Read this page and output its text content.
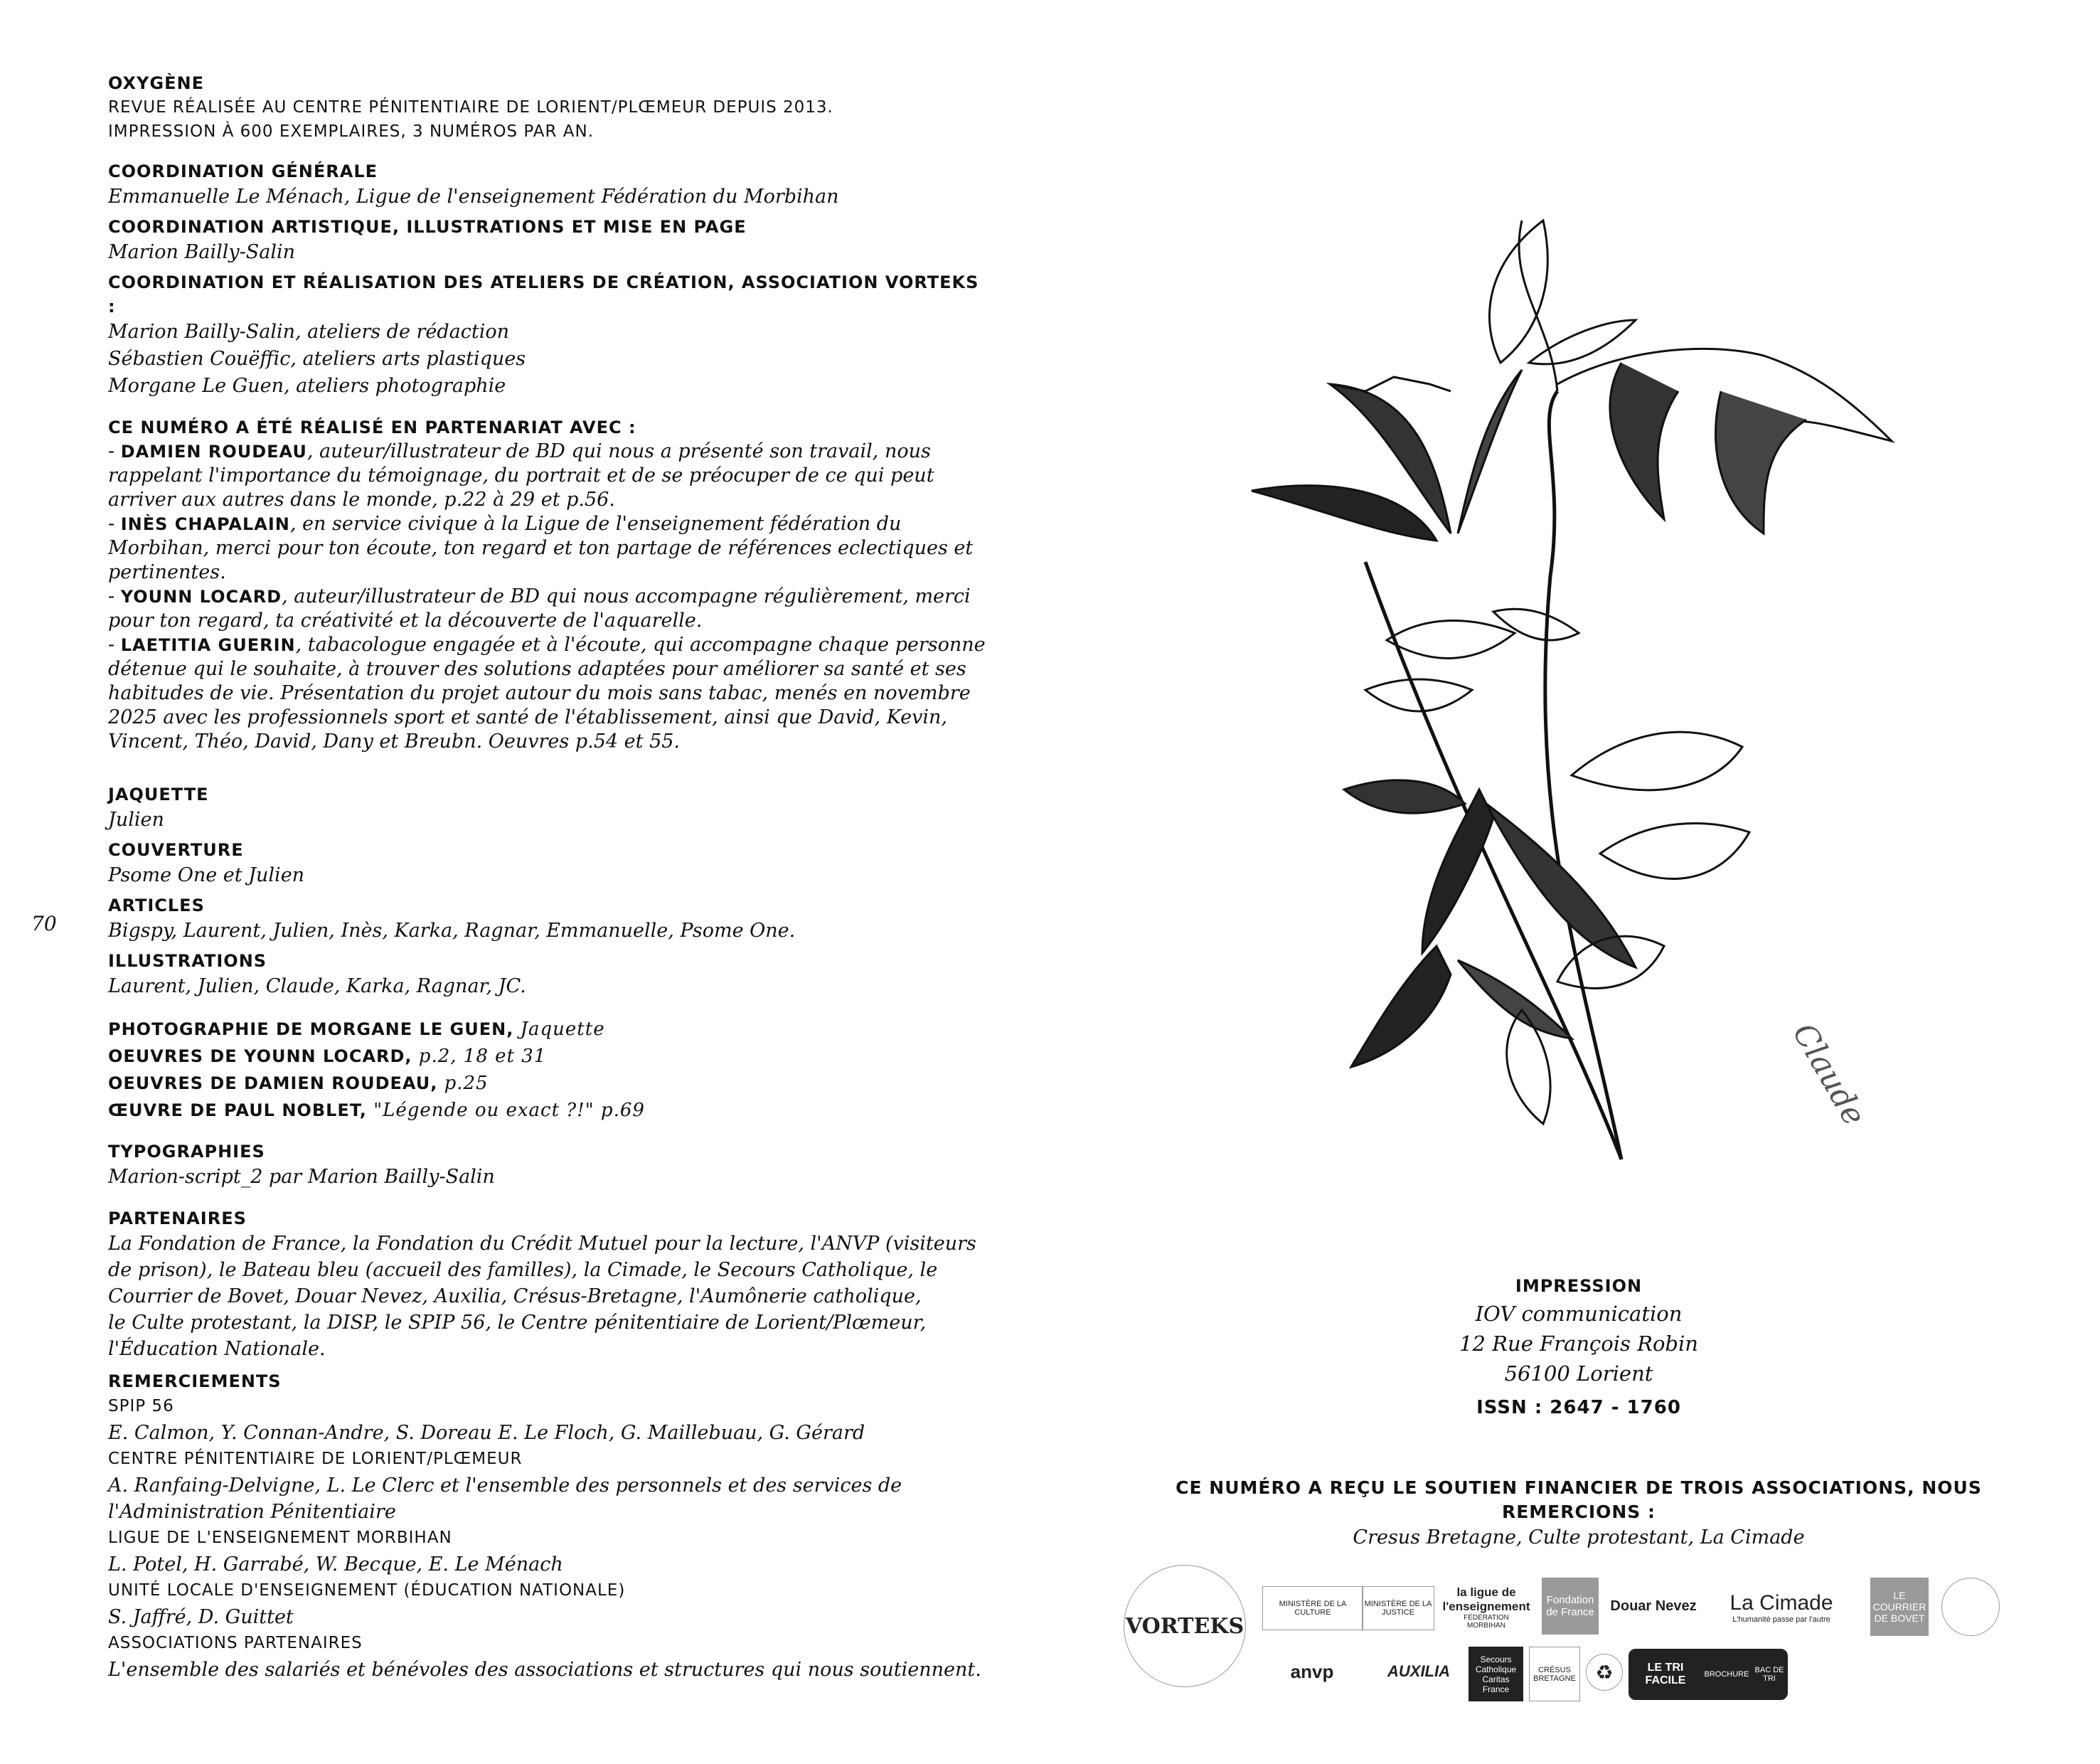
OXYGÈNE
REVUE RÉALISÉE AU CENTRE PÉNITENTIAIRE DE LORIENT/PLŒMEUR DEPUIS 2013.
IMPRESSION À 600 EXEMPLAIRES, 3 NUMÉROS PAR AN.
COORDINATION GÉNÉRALE
Emmanuelle Le Ménach, Ligue de l'enseignement Fédération du Morbihan
COORDINATION ARTISTIQUE, ILLUSTRATIONS ET MISE EN PAGE
Marion Bailly-Salin
COORDINATION ET RÉALISATION DES ATELIERS DE CRÉATION, ASSOCIATION VORTEKS :
Marion Bailly-Salin, ateliers de rédaction
Sébastien Couëffic, ateliers arts plastiques
Morgane Le Guen, ateliers photographie
CE NUMÉRO A ÉTÉ RÉALISÉ EN PARTENARIAT AVEC :

- DAMIEN ROUDEAU, auteur/illustrateur de BD qui nous a présenté son travail, nous

rappelant l'importance du témoignage, du portrait et de se préocuper de ce qui peut

arriver aux autres dans le monde, p.22 à 29 et p.56.

- INÈS CHAPALAIN, en service civique à la Ligue de l'enseignement fédération du

Morbihan, merci pour ton écoute, ton regard et ton partage de références eclectiques et

pertinentes.

- YOUNN LOCARD, auteur/illustrateur de BD qui nous accompagne régulièrement, merci

pour ton regard, ta créativité et la découverte de l'aquarelle.

- LAETITIA GUERIN, tabacologue engagée et à l'écoute, qui accompagne chaque personne

détenue qui le souhaite, à trouver des solutions adaptées pour améliorer sa santé et ses

habitudes de vie. Présentation du projet autour du mois sans tabac, menés en novembre

2025 avec les professionnels sport et santé de l'établissement, ainsi que David, Kevin,

Vincent, Théo, David, Dany et Breubn. Oeuvres p.54 et 55.

JAQUETTE
Julien
COUVERTURE
Psome One et Julien
ARTICLES
Bigspy, Laurent, Julien, Inès, Karka, Ragnar, Emmanuelle, Psome One.
ILLUSTRATIONS
Laurent, Julien, Claude, Karka, Ragnar, JC.
PHOTOGRAPHIE DE MORGANE LE GUEN, Jaquette
OEUVRES DE YOUNN LOCARD, p.2, 18 et 31
OEUVRES DE DAMIEN ROUDEAU, p.25
ŒUVRE DE PAUL NOBLET, "Légende ou exact ?!" p.69
TYPOGRAPHIES
Marion-script_2 par Marion Bailly-Salin
PARTENAIRES

La Fondation de France, la Fondation du Crédit Mutuel pour la lecture, l'ANVP (visiteurs

de prison), le Bateau bleu (accueil des familles), la Cimade, le Secours Catholique, le

Courrier de Bovet, Douar Nevez, Auxilia, Crésus-Bretagne, l'Aumônerie catholique,

le Culte protestant, la DISP, le SPIP 56, le Centre pénitentiaire de Lorient/Plœmeur,

l'Éducation Nationale.

REMERCIEMENTS
SPIP 56
E. Calmon, Y. Connan-Andre, S. Doreau E. Le Floch, G. Maillebuau, G. Gérard
CENTRE PÉNITENTIAIRE DE LORIENT/PLŒMEUR
A. Ranfaing-Delvigne, L. Le Clerc et l'ensemble des personnels et des services de
l'Administration Pénitentiaire
LIGUE DE L'ENSEIGNEMENT MORBIHAN
L. Potel, H. Garrabé, W. Becque, E. Le Ménach
UNITÉ LOCALE D'ENSEIGNEMENT (ÉDUCATION NATIONALE)
S. Jaffré, D. Guittet
ASSOCIATIONS PARTENAIRES
L'ensemble des salariés et bénévoles des associations et structures qui nous soutiennent.
70
Claude
IMPRESSION
IOV communication
12 Rue François Robin
56100 Lorient
ISSN : 2647 - 1760
CE NUMÉRO A REÇU LE SOUTIEN FINANCIER DE TROIS ASSOCIATIONS, NOUS REMERCIONS :
Cresus Bretagne, Culte protestant, La Cimade
VORTEKS
MINISTÈRE DE LA CULTURE
MINISTÈRE DE LA JUSTICE
la ligue de l'enseignement
FÉDÉRATION MORBIHAN
Fondation de France	Douar Nevez La Cimade
L'humanité passe par l'autre
LE COURRIER DE BOVET
anvp	AUXILIA
Secours Catholique Caritas France
CRÉSUS BRETAGNE ♻	LE TRI FACILE	BROCHURE BAC DE TRI
